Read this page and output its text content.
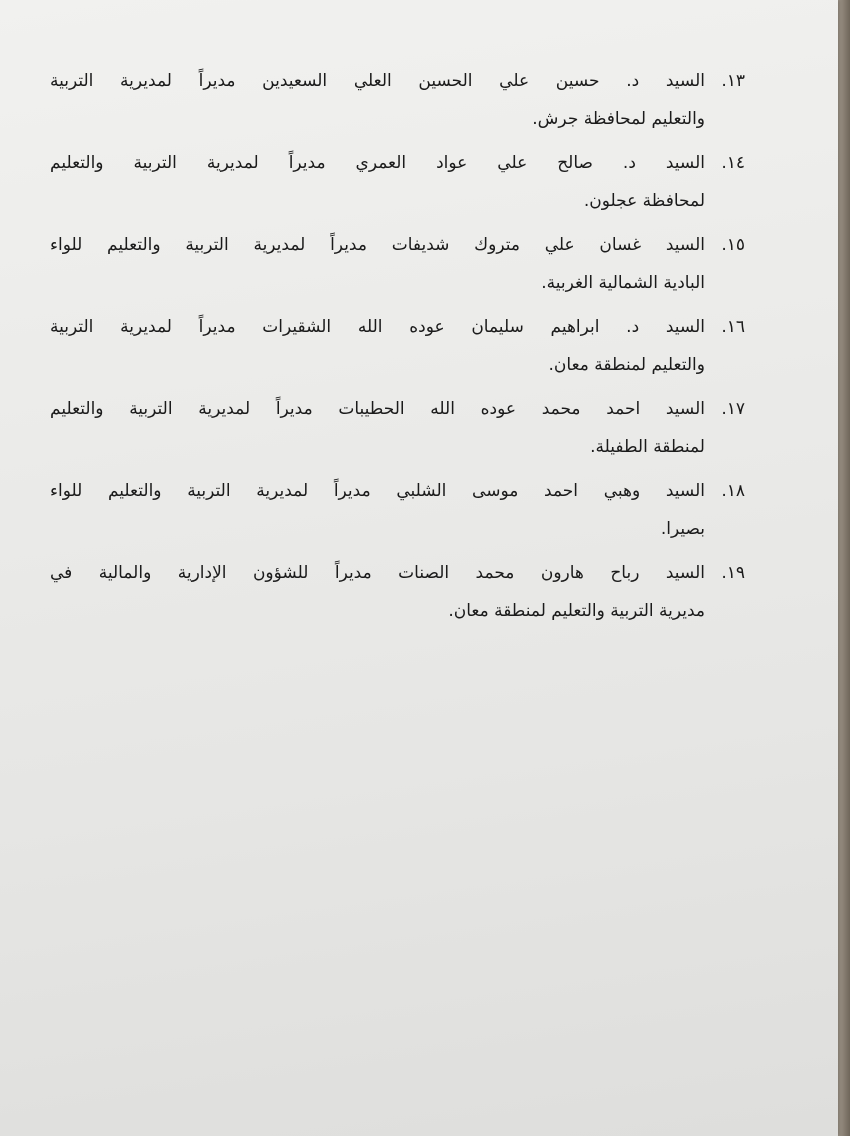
١٣.

السيد د. حسين علي الحسين العلي السعيدين مديراً لمديرية التربية
والتعليم لمحافظة جرش.

١٤.

السيد د. صالح علي عواد العمري مديراً لمديرية التربية والتعليم
لمحافظة عجلون.

١٥.

السيد غسان علي متروك شديفات مديراً لمديرية التربية والتعليم للواء
البادية الشمالية الغربية.

١٦.

السيد د. ابراهيم سليمان عوده الله الشقيرات مديراً لمديرية التربية
والتعليم لمنطقة معان.

١٧.

السيد احمد محمد عوده الله الحطيبات مديراً لمديرية التربية والتعليم
لمنطقة الطفيلة.

١٨.

السيد وهبي احمد موسى الشلبي مديراً لمديرية التربية والتعليم للواء
بصيرا.

١٩.

السيد رباح هارون محمد الصنات مديراً للشؤون الإدارية والمالية في
مديرية التربية والتعليم لمنطقة معان.
